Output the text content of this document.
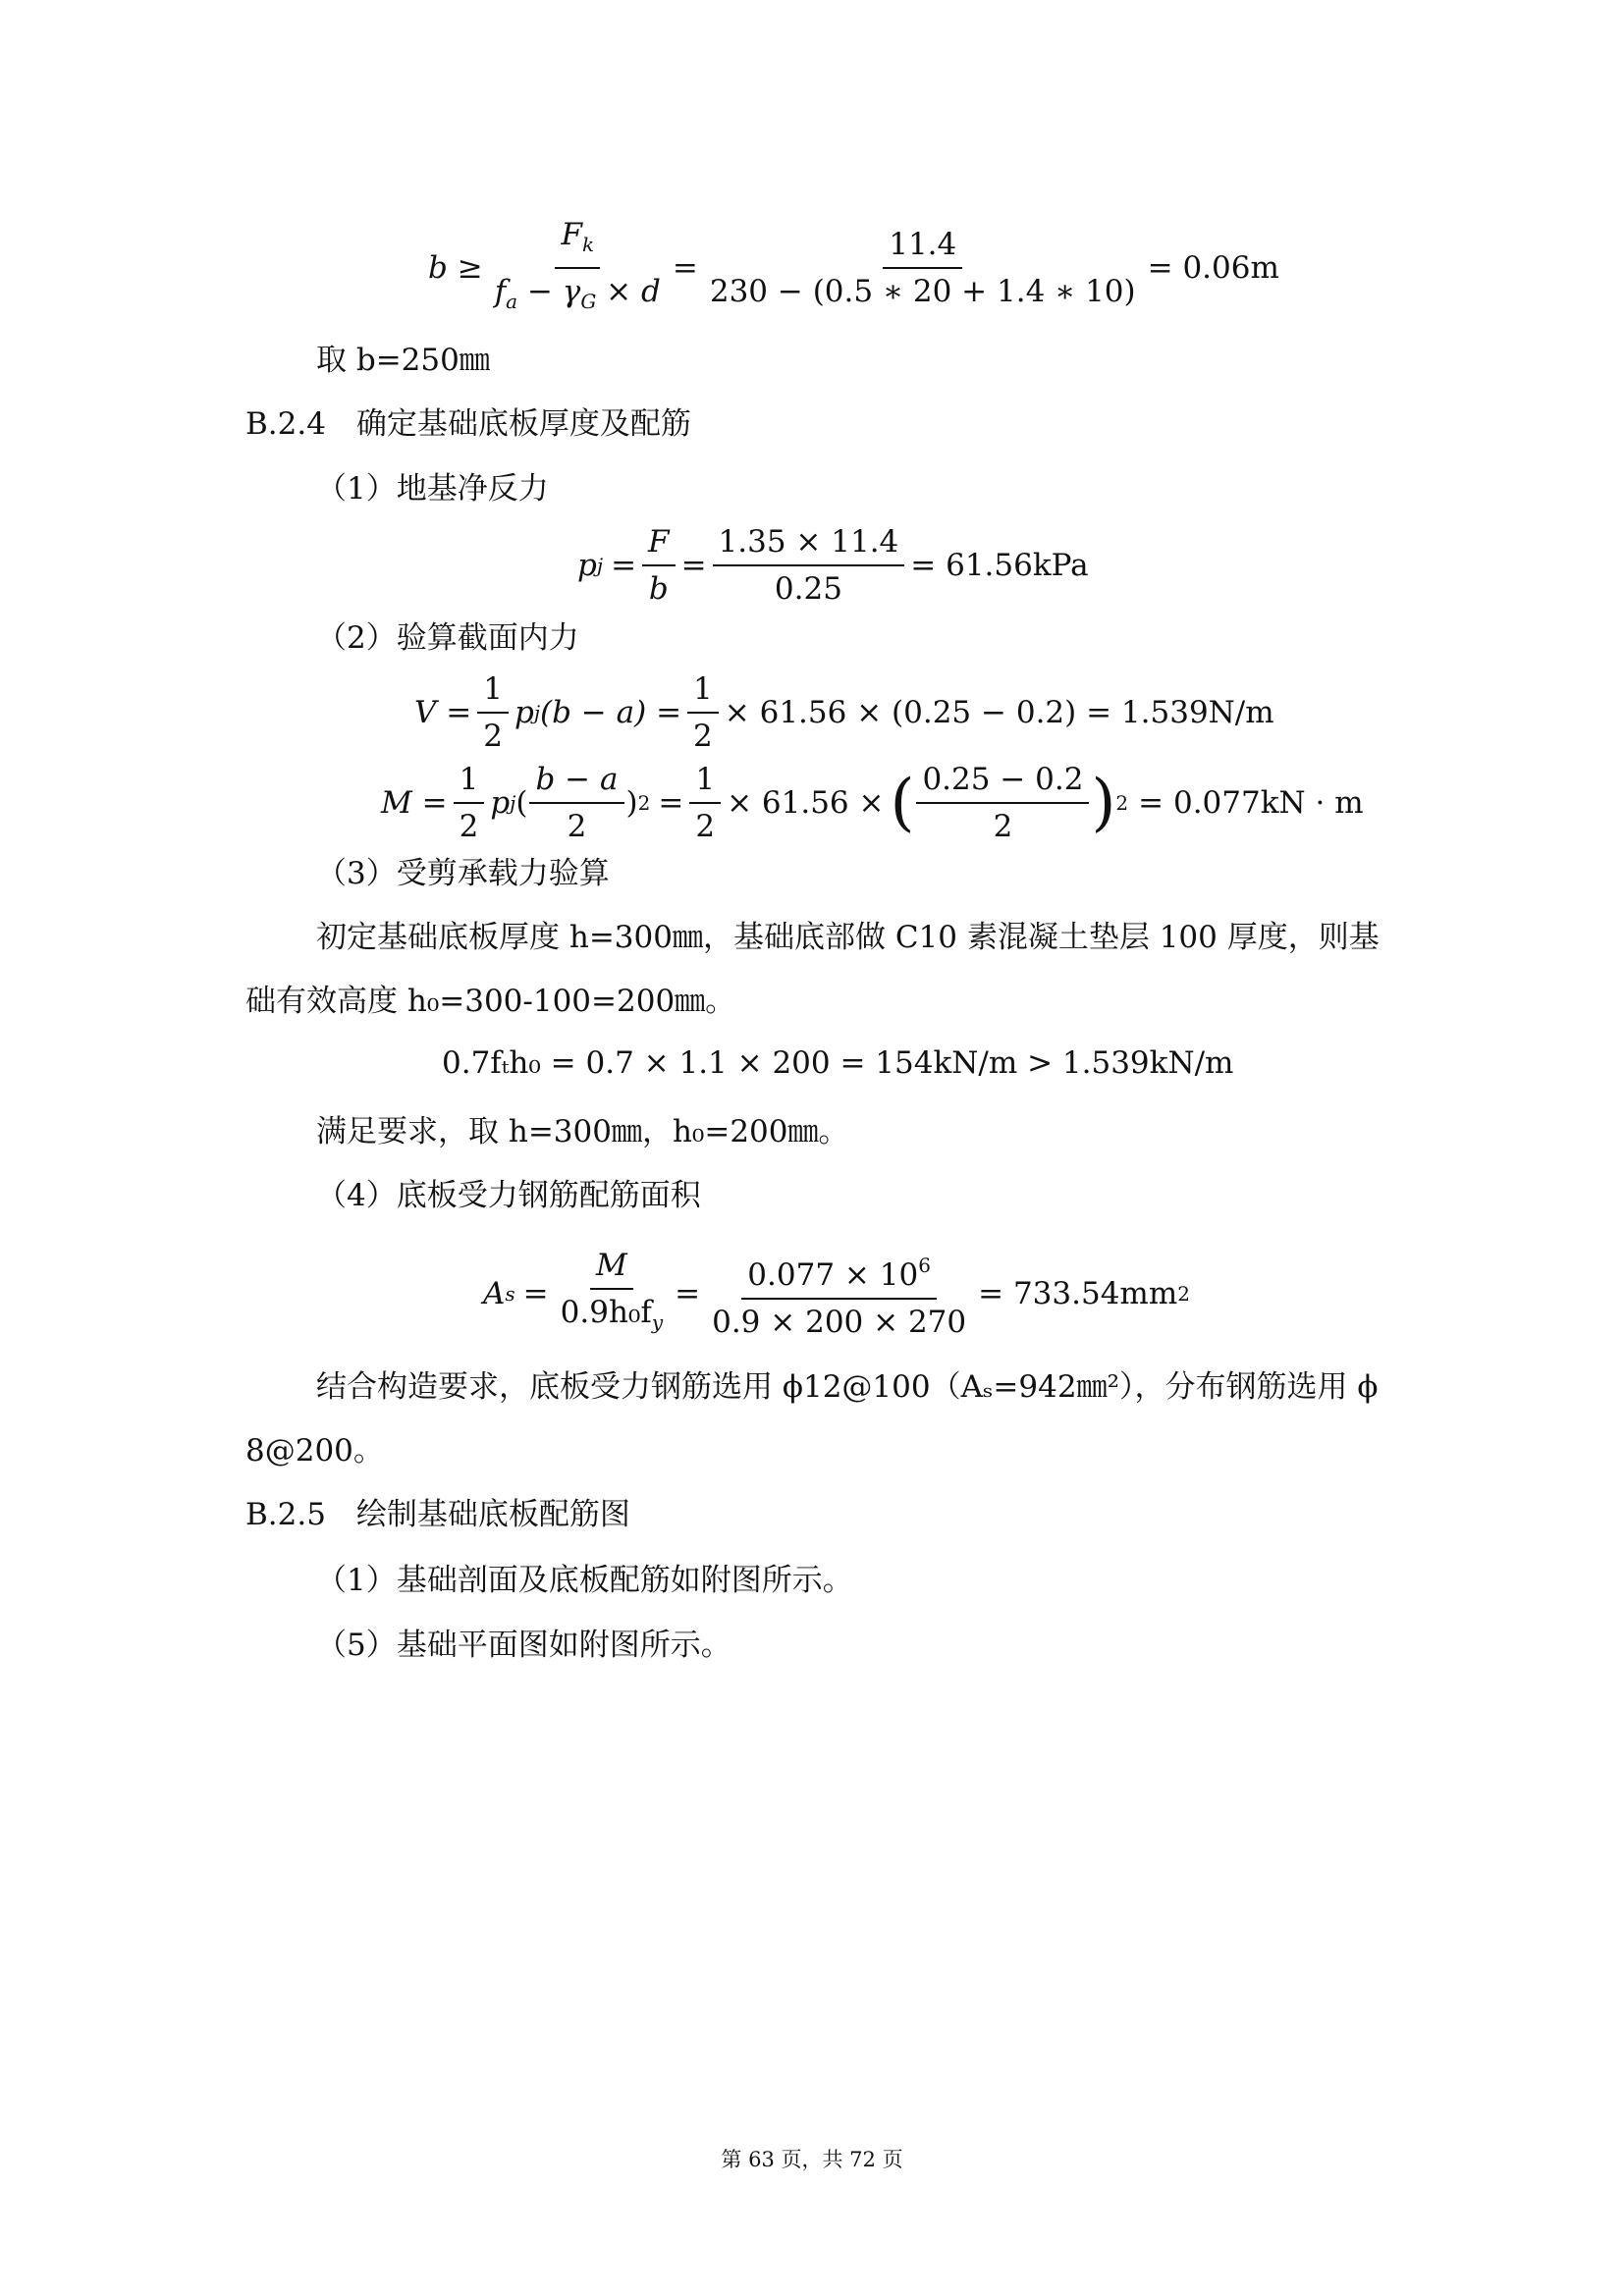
$b \ge \frac{F_k}{f_a - \gamma_G \times d} = \frac{11.4}{230 - (0.5 ∗ 20 + 1.4 ∗ 10)} = 0.06m$
取 b=250㎜
B.2.4　确定基础底板厚度及配筋
（1）地基净反力
p $j = \frac{F}{b} = \frac{1.35 \times 11.4}{0.25} = 61.56kPa$
（2）验算截面内力
$V = \frac{1}{2}$ p j $(b - a) = \frac{1}{2} \times 61.56 \times (0.25 - 0.2) = 1.539N/m$
$M = \frac{1}{2}$ p j ( $\frac{b - a}{2}$ ) $2 = \frac{1}{2} \times 61.56$ × ( $\frac{0.25 - 0.2}{2}$ ) 2 = 0.077kN · m
（3）受剪承载力验算
初定基础底板厚度 h=300㎜，基础底部做 C10 素混凝土垫层 100 厚度，则基
础有效高度 h₀=300-100=200㎜。
0.7fₜh₀ = 0.7 × 1.1 × 200 = 154kN/m > 1.539kN/m
满足要求，取 h=300㎜，h₀=200㎜。
（4）底板受力钢筋配筋面积
A $s = \frac{M}{0.9h_0f_y} = \frac{0.077 \times 10^6}{0.9 \times 200 \times 270} = 733.54mm$ 2
结合构造要求，底板受力钢筋选用 ϕ12@100（Aₛ=942㎜²），分布钢筋选用 ϕ
8@200。
B.2.5　绘制基础底板配筋图
（1）基础剖面及底板配筋如附图所示。
（5）基础平面图如附图所示。
第 63 页，共 72 页
